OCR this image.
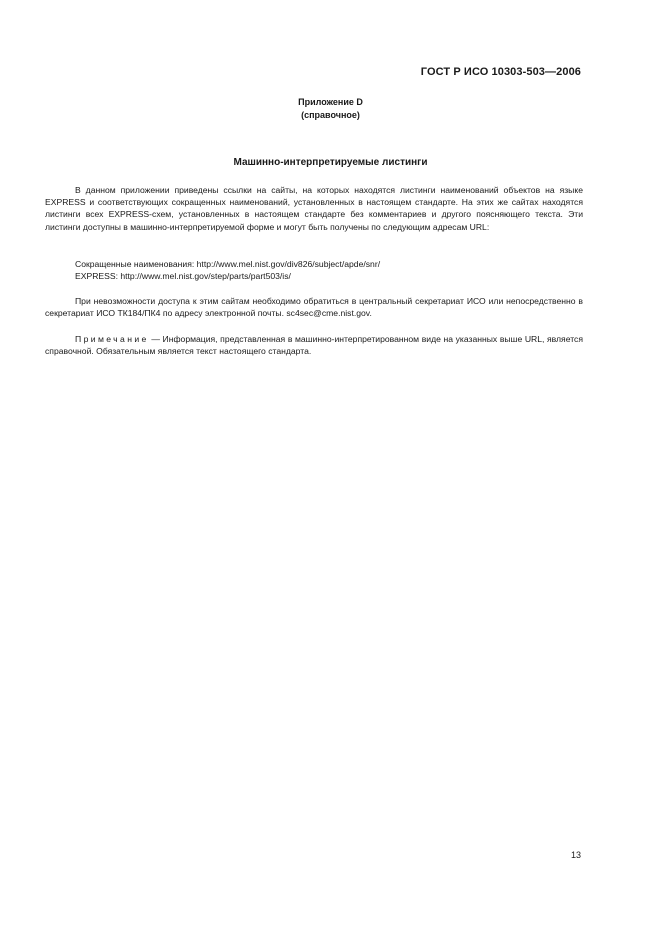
ГОСТ Р ИСО 10303-503—2006
Приложение D
(справочное)
Машинно-интерпретируемые листинги

В данном приложении приведены ссылки на сайты, на которых находятся листинги наименований объектов на языке EXPRESS и соответствующих сокращенных наименований, установленных в настоящем стандарте. На этих же сайтах находятся листинги всех EXPRESS-схем, установленных в настоящем стандарте без комментариев и другого поясняющего текста. Эти листинги доступны в машинно-интерпретируемой форме и могут быть получены по следующим адресам URL:

Сокращенные наименования: http://www.mel.nist.gov/div826/subject/apde/snr/
EXPRESS: http://www.mel.nist.gov/step/parts/part503/is/

При невозможности доступа к этим сайтам необходимо обратиться в центральный секретариат ИСО или непосредственно в секретариат ИСО ТК184/ПК4 по адресу электронной почты. sc4sec@cme.nist.gov.

Примечание — Информация, представленная в машинно-интерпретированном виде на указанных выше URL, является справочной. Обязательным является текст настоящего стандарта.

13
